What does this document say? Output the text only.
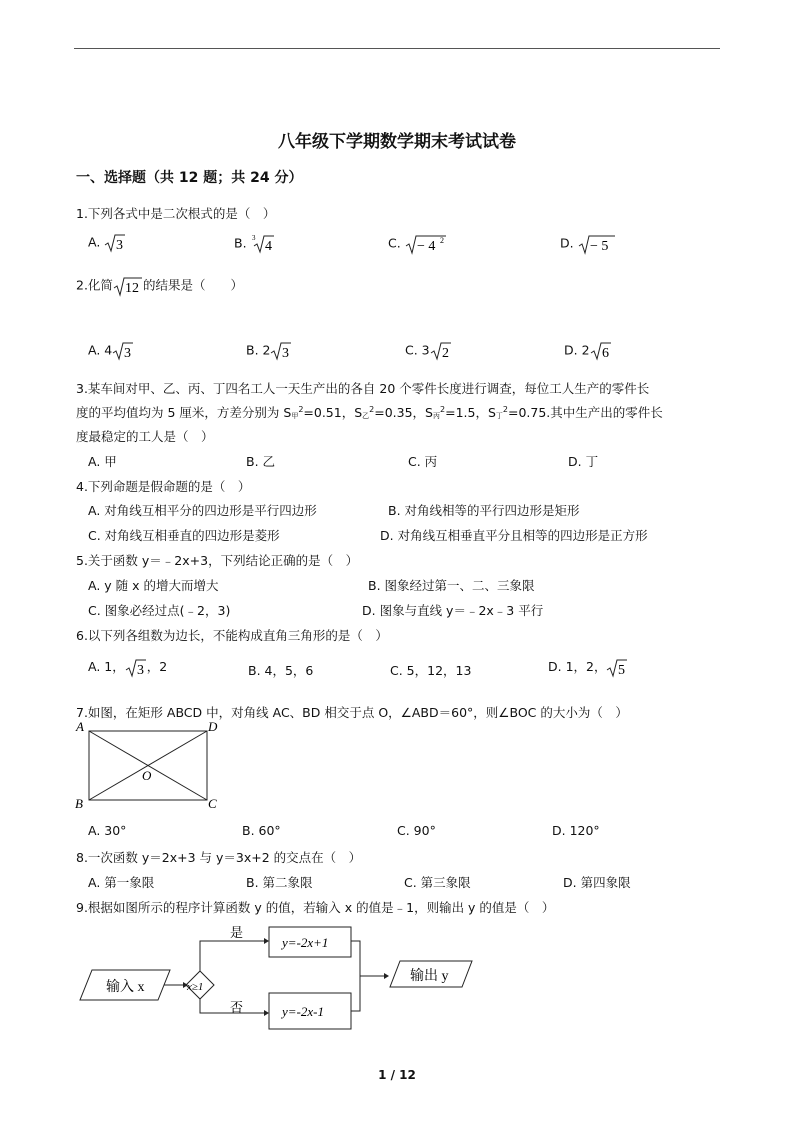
八年级下学期数学期末考试试卷
一、选择题（共 12 题；共 24 分）
1.下列各式中是二次根式的是（　）
A. 3	B. 3
4	C. − 4 2	D. − 5
2.化简 12 的结果是（　　）
A. 4 3	B. 2 3	C. 3 2	D. 2 6
3.某车间对甲、乙、丙、丁四名工人一天生产出的各自 20 个零件长度进行调查，每位工人生产的零件长
度的平均值均为 5 厘米，方差分别为 S甲$^2$=0.51，S乙$^2$=0.35，S丙$^2$=1.5，S丁$^2$=0.75.其中生产出的零件长
度最稳定的工人是（　）
A. 甲	B. 乙	C. 丙	D. 丁
4.下列命题是假命题的是（　）
A. 对角线互相平分的四边形是平行四边形	B. 对角线相等的平行四边形是矩形
C. 对角线互相垂直的四边形是菱形	D. 对角线互相垂直平分且相等的四边形是正方形
5.关于函数 y＝﹣2x+3，下列结论正确的是（　）
A. y 随 x 的增大而增大	B. 图象经过第一、二、三象限
C. 图象必经过点(﹣2，3)	D. 图象与直线 y＝﹣2x﹣3 平行
6.以下列各组数为边长，不能构成直角三角形的是（　）
A. 1， 3 ，2	B. 4，5，6	C. 5，12，13	D. 1，2， 5
7.如图，在矩形 ABCD 中，对角线 AC、BD 相交于点 O，∠ABD＝60°，则∠BOC 的大小为（　）
A	D
B	C
O
A. 30°	B. 60°	C. 90°	D. 120°
8.一次函数 y＝2x+3 与 y＝3x+2 的交点在（　）
A. 第一象限	B. 第二象限	C. 第三象限	D. 第四象限
9.根据如图所示的程序计算函数 y 的值，若输入 x 的值是﹣1，则输出 y 的值是（　）
输入 x	x≥1
是
y=-2x+1
否	y=-2x-1
输出 y
1 / 12
